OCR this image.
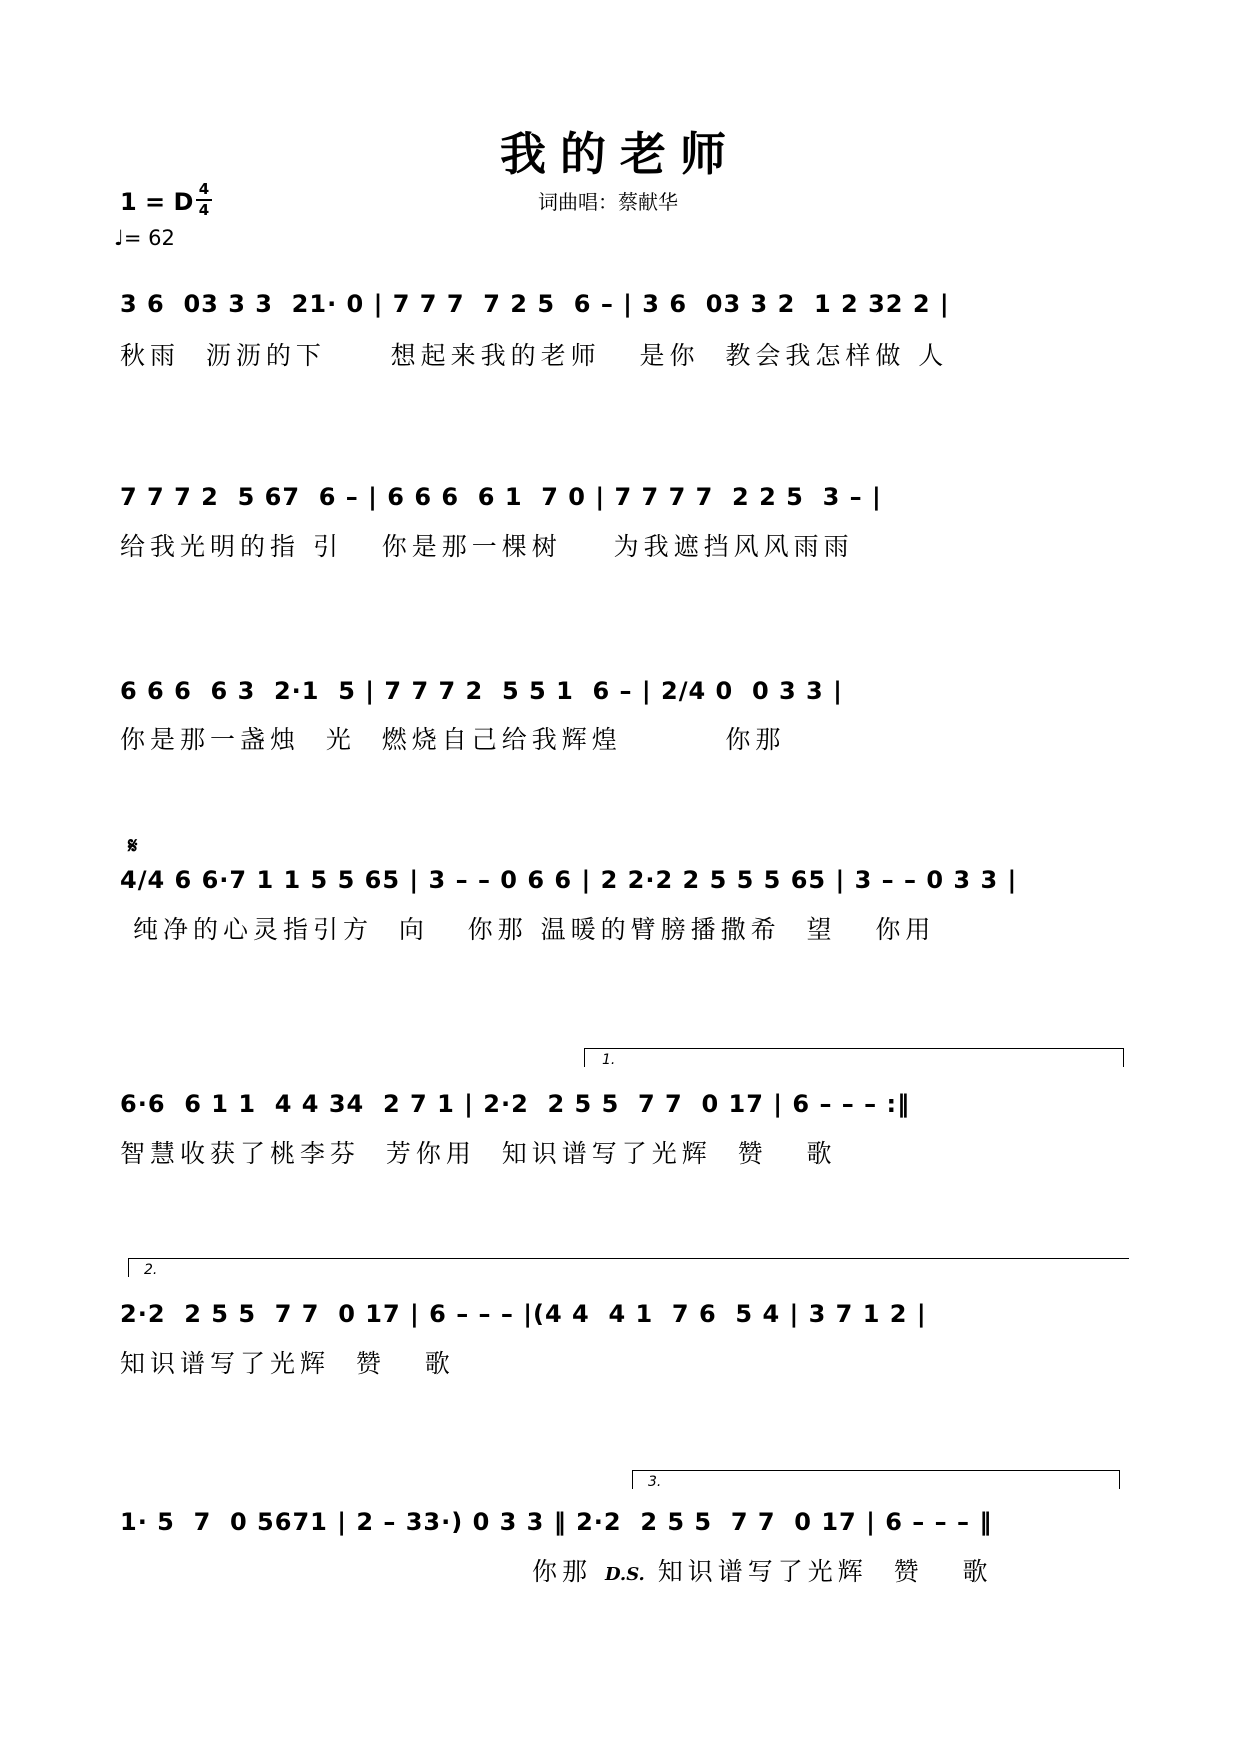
我的老师
词曲唱：蔡献华
1 = D 4
4
♩= 62
3 6  03 3 3  21· 0 | 7 7 7  7 2 5  6 – | 3 6  03 3 2  1 2 32 2 |
秋雨  沥沥的下     想起来我的老师   是你  教会我怎样做 人
7 7 7 2  5 67  6 – | 6 6 6  6 1  7 0 | 7 7 7 7  2 2 5  3 – |
给我光明的指 引   你是那一棵树    为我遮挡风风雨雨
6 6 6  6 3  2·1  5 | 7 7 7 2  5 5 1  6 – | 2/4 0  0 3 3 |
你是那一盏烛  光  燃烧自己给我辉煌        你那
𝄋
4/4 6 6·7 1 1 5 5 65 | 3 – – 0 6 6 | 2 2·2 2 5 5 5 65 | 3 – – 0 3 3 |
纯净的心灵指引方  向   你那 温暖的臂膀播撒希  望   你用
1.
6·6  6 1 1  4 4 34  2 7 1 | 2·2  2 5 5  7 7  0 17 | 6 – – – :‖
智慧收获了桃李芬  芳你用  知识谱写了光辉  赞   歌
2.
2·2  2 5 5  7 7  0 17 | 6 – – – |(4 4  4 1  7 6  5 4 | 3 7 1 2 |
知识谱写了光辉  赞   歌
3.
1· 5  7  0 5671 | 2 – 33·) 0 3 3 ‖ 2·2  2 5 5  7 7  0 17 | 6 – – – ‖
你那 D.S. 知识谱写了光辉  赞   歌
